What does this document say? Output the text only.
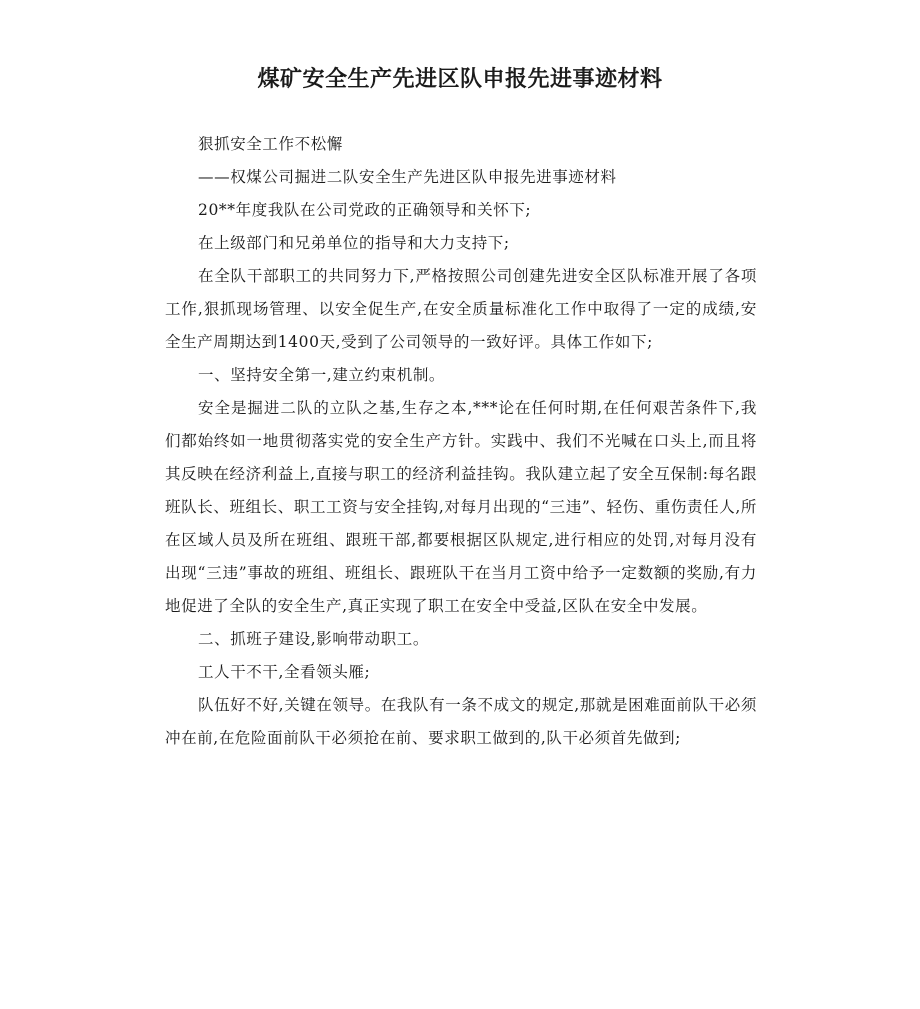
煤矿安全生产先进区队申报先进事迹材料

狠抓安全工作不松懈

——权煤公司掘进二队安全生产先进区队申报先进事迹材料

20**年度我队在公司党政的正确领导和关怀下;

在上级部门和兄弟单位的指导和大力支持下;

在全队干部职工的共同努力下,严格按照公司创建先进安全区队标准开展了各项工作,狠抓现场管理、以安全促生产,在安全质量标准化工作中取得了一定的成绩,安全生产周期达到1400天,受到了公司领导的一致好评。具体工作如下;

一、坚持安全第一,建立约束机制。

安全是掘进二队的立队之基,生存之本,***论在任何时期,在任何艰苦条件下,我们都始终如一地贯彻落实党的安全生产方针。实践中、我们不光喊在口头上,而且将其反映在经济利益上,直接与职工的经济利益挂钩。我队建立起了安全互保制:每名跟班队长、班组长、职工工资与安全挂钩,对每月出现的“三违”、轻伤、重伤责任人,所在区域人员及所在班组、跟班干部,都要根据区队规定,进行相应的处罚,对每月没有出现“三违”事故的班组、班组长、跟班队干在当月工资中给予一定数额的奖励,有力地促进了全队的安全生产,真正实现了职工在安全中受益,区队在安全中发展。

二、抓班子建设,影响带动职工。

工人干不干,全看领头雁;

队伍好不好,关键在领导。在我队有一条不成文的规定,那就是困难面前队干必须冲在前,在危险面前队干必须抢在前、要求职工做到的,队干必须首先做到;
